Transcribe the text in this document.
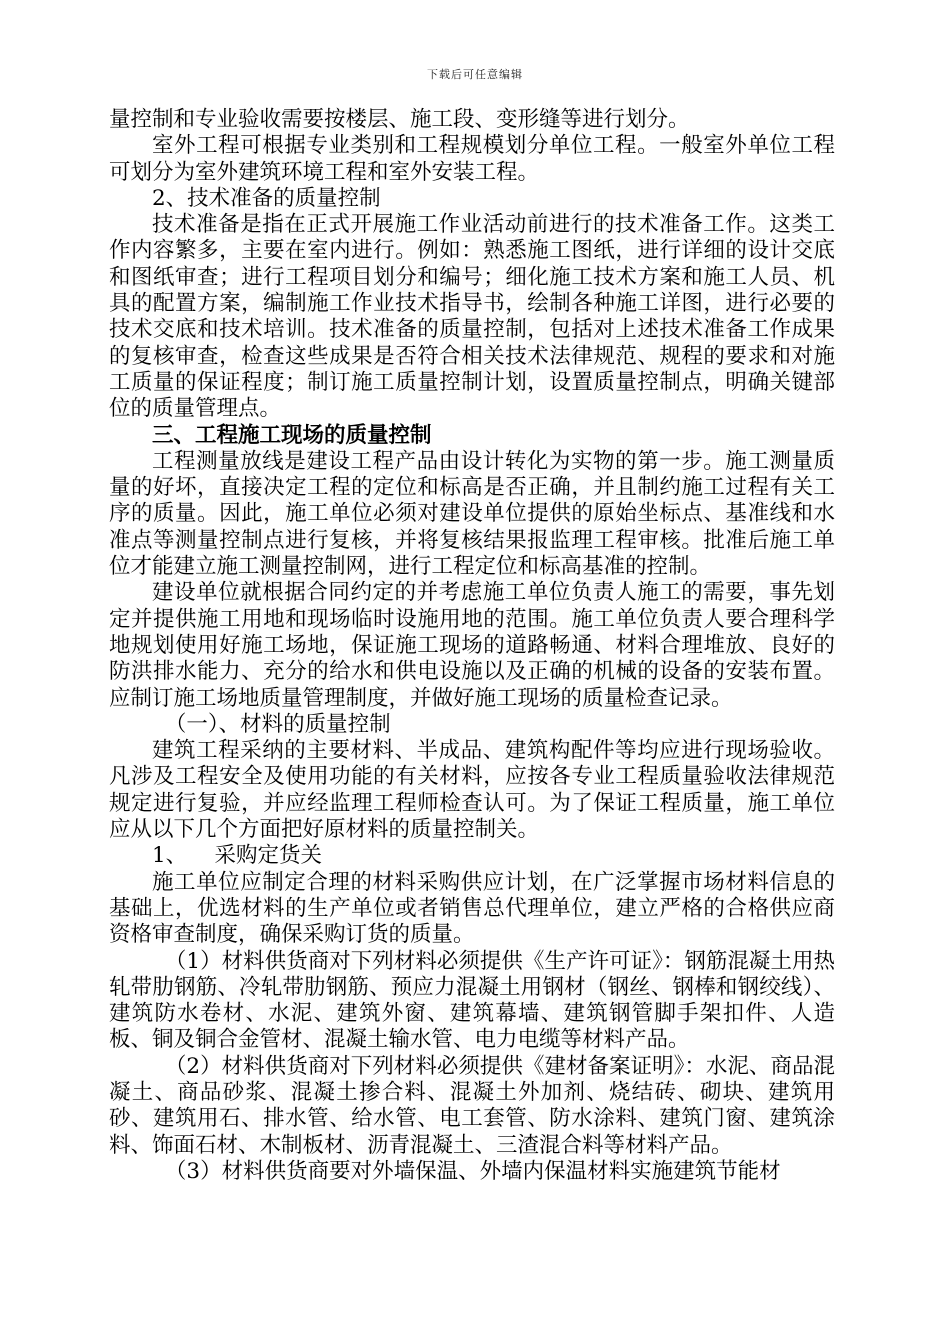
下载后可任意编辑

量控制和专业验收需要按楼层、施工段、变形缝等进行划分。

室外工程可根据专业类别和工程规模划分单位工程。一般室外单位工程可划分为室外建筑环境工程和室外安装工程。

2、技术准备的质量控制

技术准备是指在正式开展施工作业活动前进行的技术准备工作。这类工作内容繁多，主要在室内进行。例如：熟悉施工图纸，进行详细的设计交底和图纸审查；进行工程项目划分和编号；细化施工技术方案和施工人员、机具的配置方案，编制施工作业技术指导书，绘制各种施工详图，进行必要的技术交底和技术培训。技术准备的质量控制，包括对上述技术准备工作成果的复核审查，检查这些成果是否符合相关技术法律规范、规程的要求和对施工质量的保证程度；制订施工质量控制计划，设置质量控制点，明确关键部位的质量管理点。

三、工程施工现场的质量控制

工程测量放线是建设工程产品由设计转化为实物的第一步。施工测量质量的好坏，直接决定工程的定位和标高是否正确，并且制约施工过程有关工序的质量。因此，施工单位必须对建设单位提供的原始坐标点、基准线和水准点等测量控制点进行复核，并将复核结果报监理工程审核。批准后施工单位才能建立施工测量控制网，进行工程定位和标高基准的控制。

建设单位就根据合同约定的并考虑施工单位负责人施工的需要，事先划定并提供施工用地和现场临时设施用地的范围。施工单位负责人要合理科学地规划使用好施工场地，保证施工现场的道路畅通、材料合理堆放、良好的防洪排水能力、充分的给水和供电设施以及正确的机械的设备的安装布置。应制订施工场地质量管理制度，并做好施工现场的质量检查记录。

（一）、材料的质量控制

建筑工程采纳的主要材料、半成品、建筑构配件等均应进行现场验收。凡涉及工程安全及使用功能的有关材料，应按各专业工程质量验收法律规范规定进行复验，并应经监理工程师检查认可。为了保证工程质量，施工单位应从以下几个方面把好原材料的质量控制关。

1、    采购定货关

施工单位应制定合理的材料采购供应计划，在广泛掌握市场材料信息的基础上，优选材料的生产单位或者销售总代理单位，建立严格的合格供应商资格审查制度，确保采购订货的质量。

（1）材料供货商对下列材料必须提供《生产许可证》：钢筋混凝土用热轧带肋钢筋、冷轧带肋钢筋、预应力混凝土用钢材（钢丝、钢棒和钢绞线）、建筑防水卷材、水泥、建筑外窗、建筑幕墙、建筑钢管脚手架扣件、人造板、铜及铜合金管材、混凝土输水管、电力电缆等材料产品。

（2）材料供货商对下列材料必须提供《建材备案证明》：水泥、商品混凝土、商品砂浆、混凝土掺合料、混凝土外加剂、烧结砖、砌块、建筑用砂、建筑用石、排水管、给水管、电工套管、防水涂料、建筑门窗、建筑涂料、饰面石材、木制板材、沥青混凝土、三渣混合料等材料产品。

（3）材料供货商要对外墙保温、外墙内保温材料实施建筑节能材
